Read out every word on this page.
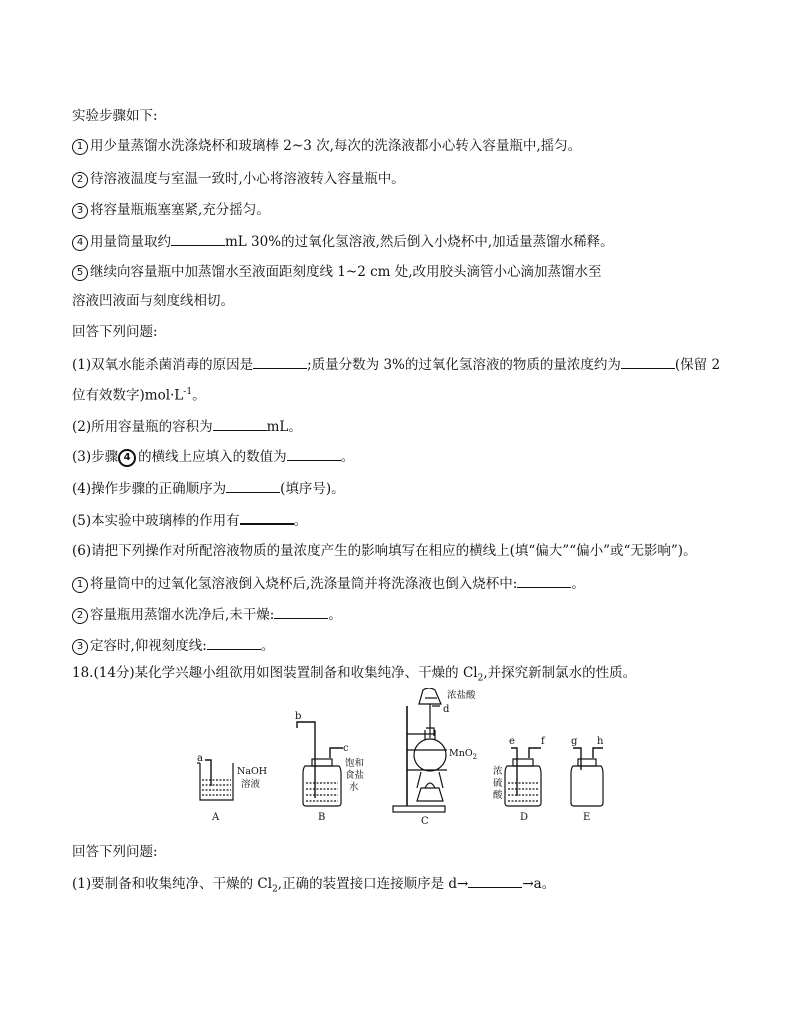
实验步骤如下:
1 用少量蒸馏水洗涤烧杯和玻璃棒 2~3 次,每次的洗涤液都小心转入容量瓶中,摇匀。
2 待溶液温度与室温一致时,小心将溶液转入容量瓶中。
3 将容量瓶瓶塞塞紧,充分摇匀。
4 用量筒量取约	mL 30%的过氧化氢溶液,然后倒入小烧杯中,加适量蒸馏水稀释。
5 继续向容量瓶中加蒸馏水至液面距刻度线 1~2 cm 处,改用胶头滴管小心滴加蒸馏水至
溶液凹液面与刻度线相切。
回答下列问题:
(1)双氧水能杀菌消毒的原因是	;质量分数为 3%的过氧化氢溶液的物质的量浓度约为	(保留 2
位有效数字)$mol\cdot L^{-1}$。
(2)所用容量瓶的容积为	mL。
(3)步骤 4 的横线上应填入的数值为	。
(4)操作步骤的正确顺序为	(填序号)。
(5)本实验中玻璃棒的作用有	。
(6)请把下列操作对所配溶液物质的量浓度产生的影响填写在相应的横线上(填“偏大”“偏小”或“无影响”)。
1 将量筒中的过氧化氢溶液倒入烧杯后,洗涤量筒并将洗涤液也倒入烧杯中:	。
2 容量瓶用蒸馏水洗净后,未干燥:	。
3 定容时,仰视刻度线:	。
18.(14分)某化学兴趣小组欲用如图装置制备和收集纯净、干燥的 $Cl_2$,并探究新制氯水的性质。
a
NaOH
溶液
A
b
c
饱和
食盐
水
B
浓盐酸
d
MnO$_2$
C
e	f
浓
硫
酸
D
g h
E
回答下列问题:
(1)要制备和收集纯净、干燥的 $Cl_2$,正确的装置接口连接顺序是 d→	→a。
